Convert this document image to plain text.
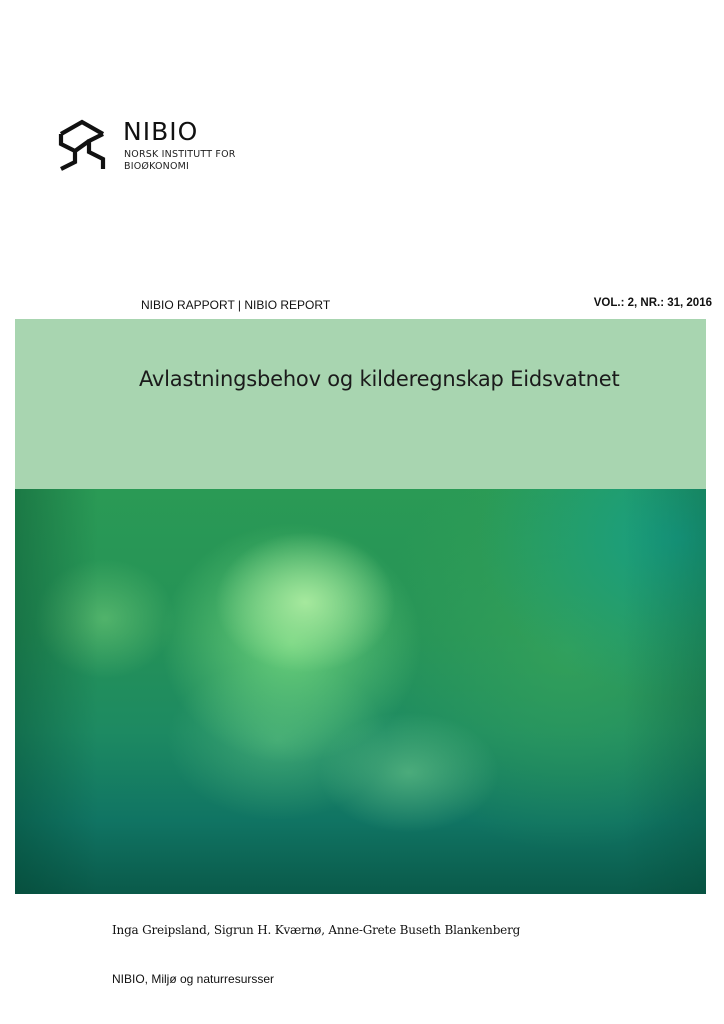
NIBIO
NORSK INSTITUTT FOR
BIOØKONOMI
NIBIO RAPPORT | NIBIO REPORT	VOL.: 2, NR.: 31, 2016
Avlastningsbehov og kilderegnskap Eidsvatnet
Inga Greipsland, Sigrun H. Kværnø, Anne-Grete Buseth Blankenberg
NIBIO, Miljø og naturresursser
